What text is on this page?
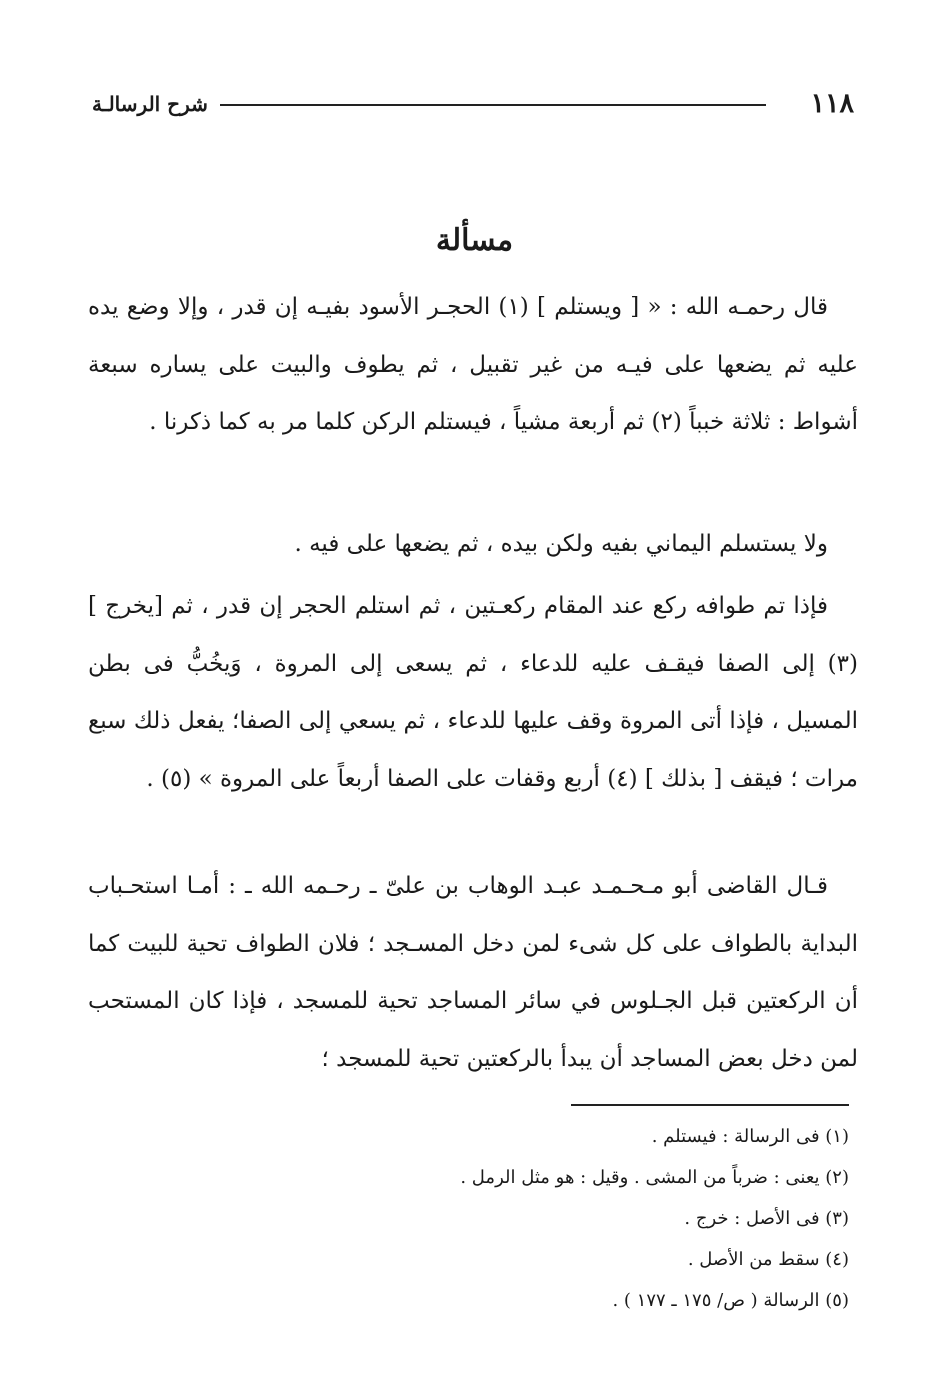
١١٨
شرح الرسالـة
مسألة

قال رحمـه الله : « [ ويستلم ] (١) الحجـر الأسود بفيـه إن قدر ، وإلا وضع يده عليه ثم يضعها على فيـه من غير تقبيل ، ثم يطوف والبيت على يساره سبعة أشواط : ثلاثة خبباً (٢) ثم أربعة مشياً ، فيستلم الركن كلما مر به كما ذكرنا .

ولا يستسلم اليماني بفيه ولكن بيده ، ثم يضعها على فيه .

فإذا تم طوافه ركع عند المقام ركعـتين ، ثم استلم الحجر إن قدر ، ثم [يخرج ](٣) إلى الصفا فيقـف عليه للدعاء ، ثم يسعى إلى المروة ، وَيخُبُّ فى بطن المسيل ، فإذا أتى المروة وقف عليها للدعاء ، ثم يسعي إلى الصفا؛ يفعل ذلك سبع مرات ؛ فيقف [ بذلك ] (٤) أربع وقفات على الصفا أربعاً على المروة » (٥) .

قـال القاضى أبو مـحـمـد عبـد الوهاب بن علىّ ـ رحـمه الله ـ : أمـا استحـباب البداية بالطواف على كل شىء لمن دخل المسـجد ؛ فلان الطواف تحية للبيت كما أن الركعتين قبل الجـلوس في سائر المساجد تحية للمسجد ، فإذا كان المستحب لمن دخل بعض المساجد أن يبدأ بالركعتين تحية للمسجد ؛

(١) فى الرسالة : فيستلم .

(٢) يعنى : ضرباً من المشى . وقيل : هو مثل الرمل .

(٣) فى الأصل : خرج .

(٤) سقط من الأصل .

(٥) الرسالة ( ص/ ١٧٥ ـ ١٧٧ ) .
